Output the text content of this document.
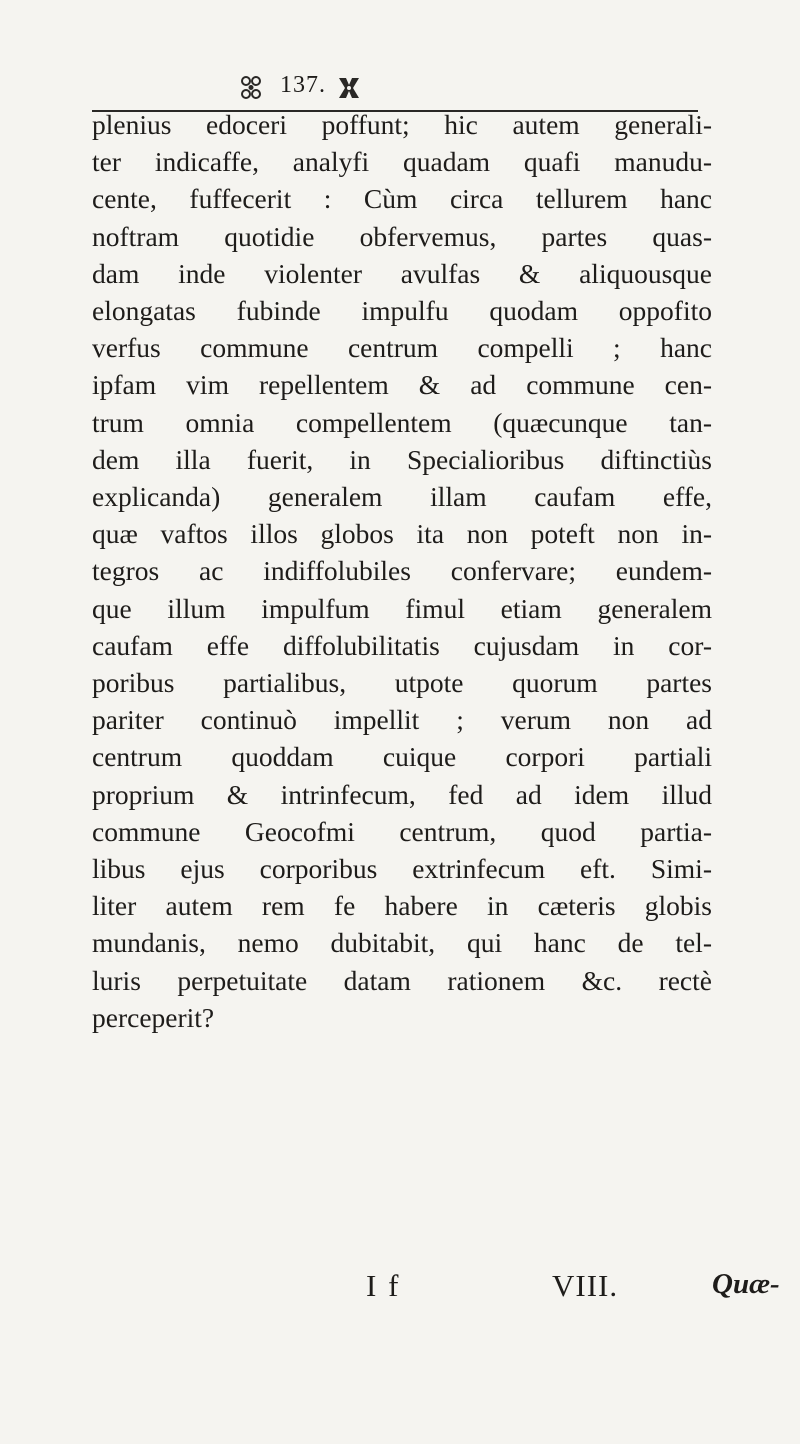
137.
plenius edoceri poffunt; hic autem generali-
ter indicaffe, analyfi quadam quafi manudu-
cente, fuffecerit : Cùm circa tellurem hanc
noftram quotidie obfervemus, partes quas-
dam inde violenter avulfas & aliquousque
elongatas fubinde impulfu quodam oppofito
verfus commune centrum compelli ; hanc
ipfam vim repellentem & ad commune cen-
trum omnia compellentem (quæcunque tan-
dem illa fuerit, in Specialioribus diftinctiùs
explicanda) generalem illam caufam effe,
quæ vaftos illos globos ita non poteft non in-
tegros ac indiffolubiles confervare; eundem-
que illum impulfum fimul etiam generalem
caufam effe diffolubilitatis cujusdam in cor-
poribus partialibus, utpote quorum partes
pariter continuò impellit ; verum non ad
centrum quoddam cuique corpori partiali
proprium & intrinfecum, fed ad idem illud
commune Geocofmi centrum, quod partia-
libus ejus corporibus extrinfecum eft. Simi-
liter autem rem fe habere in cæteris globis
mundanis, nemo dubitabit, qui hanc de tel-
luris perpetuitate datam rationem &c. rectè
perceperit?
I f	VIII.	Quæ-
